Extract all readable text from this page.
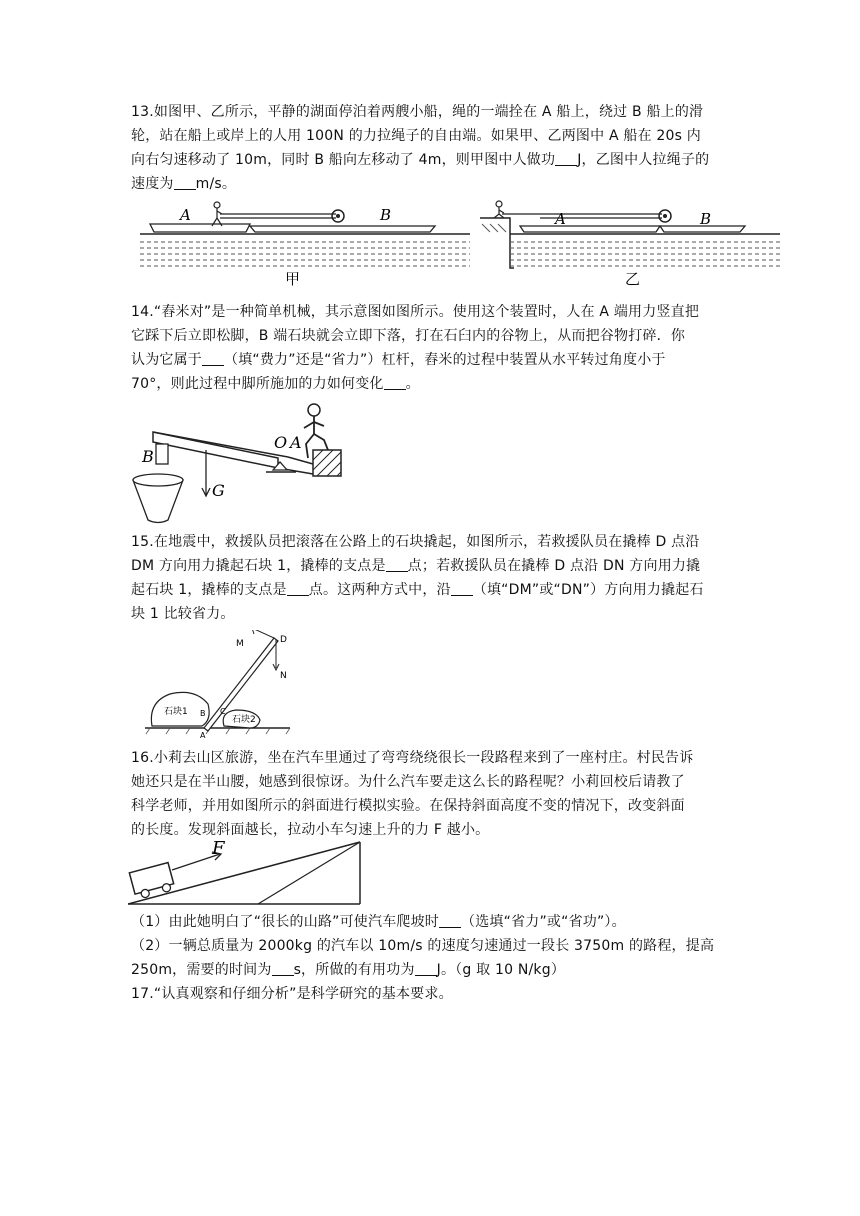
13.如图甲、乙所示，平静的湖面停泊着两艘小船，绳的一端拴在 A 船上，绕过 B 船上的滑
轮，站在船上或岸上的人用 100N 的力拉绳子的自由端。如果甲、乙两图中 A 船在 20s 内
向右匀速移动了 10m，同时 B 船向左移动了 4m，则甲图中人做功 J，乙图中人拉绳子的
速度为 m/s。
A	B
甲
A	B
乙
14.“舂米对”是一种简单机械，其示意图如图所示。使用这个装置时，人在 A 端用力竖直把
它踩下后立即松脚，B 端石块就会立即下落，打在石臼内的谷物上，从而把谷物打碎．你
认为它属于 （填“费力”还是“省力”）杠杆，舂米的过程中装置从水平转过角度小于
70°，则此过程中脚所施加的力如何变化 。
B
O A
G
15.在地震中，救援队员把滚落在公路上的石块撬起，如图所示，若救援队员在撬棒 D 点沿
DM 方向用力撬起石块 1，撬棒的支点是 点；若救援队员在撬棒 D 点沿 DN 方向用力撬
起石块 1，撬棒的支点是 点。这两种方式中，沿 （填“DM”或“DN”）方向用力撬起石
块 1 比较省力。
M	D
N
B C
A
石块1
石块2
16.小莉去山区旅游，坐在汽车里通过了弯弯绕绕很长一段路程来到了一座村庄。村民告诉
她还只是在半山腰，她感到很惊讶。为什么汽车要走这么长的路程呢？小莉回校后请教了
科学老师，并用如图所示的斜面进行模拟实验。在保持斜面高度不变的情况下，改变斜面
的长度。发现斜面越长，拉动小车匀速上升的力 F 越小。
F
（1）由此她明白了“很长的山路”可使汽车爬坡时 （选填“省力”或“省功”）。
（2）一辆总质量为 2000kg 的汽车以 10m/s 的速度匀速通过一段长 3750m 的路程，提高
250m，需要的时间为 s，所做的有用功为 J。（g 取 10 N/kg）
17.“认真观察和仔细分析”是科学研究的基本要求。
